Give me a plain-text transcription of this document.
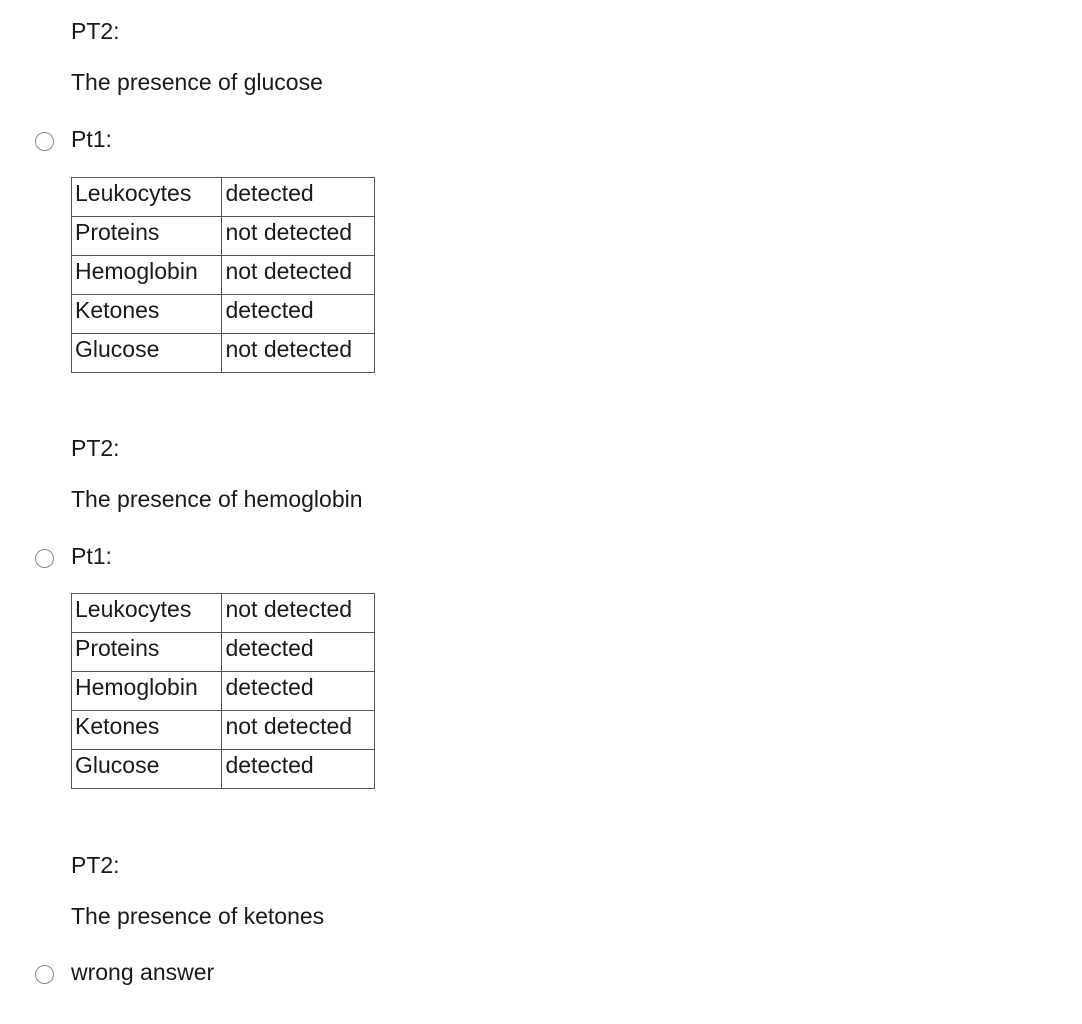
PT2:
The presence of glucose
Pt1:
Leukocytes	detected
Proteins	not detected
Hemoglobin	not detected
Ketones	detected
Glucose	not detected
PT2:
The presence of hemoglobin
Pt1:
Leukocytes	not detected
Proteins	detected
Hemoglobin	detected
Ketones	not detected
Glucose	detected
PT2:
The presence of ketones
wrong answer
